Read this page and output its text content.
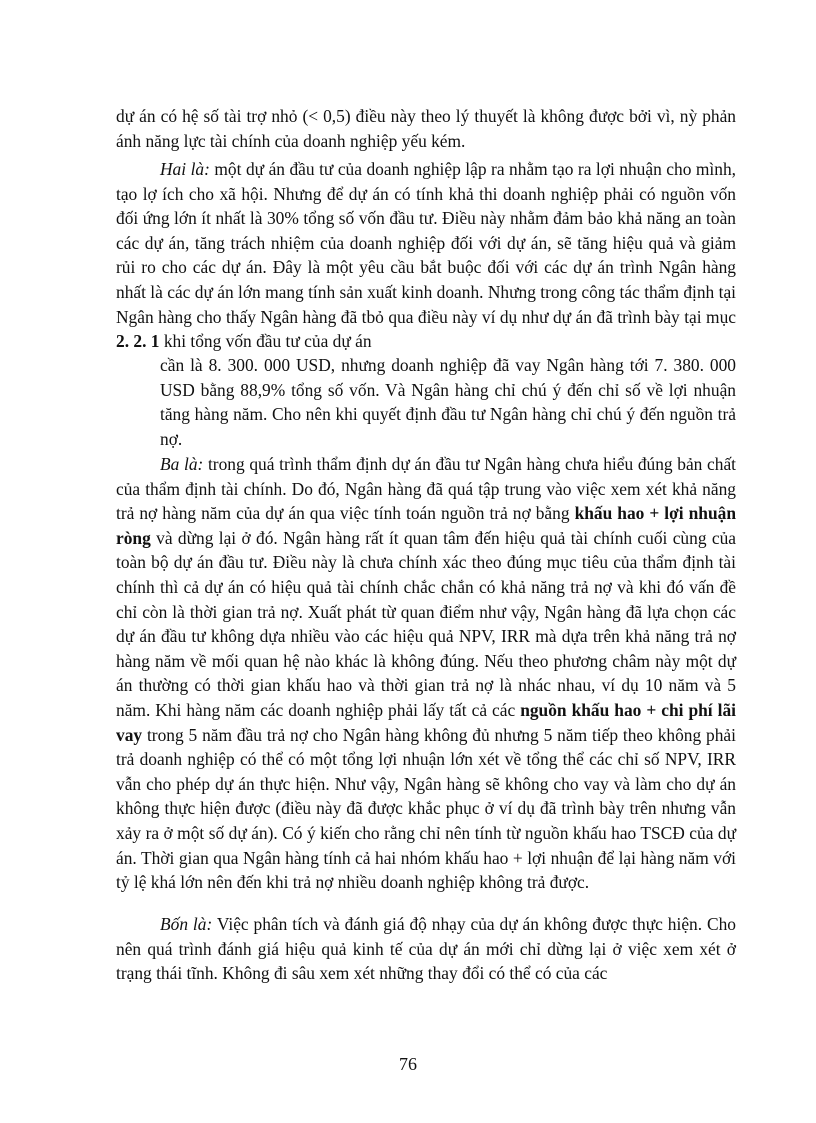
dự án có hệ số tài trợ nhỏ (< 0,5) điều này theo lý thuyết là không được bởi vì, nỳ phản ánh năng lực tài chính của doanh nghiệp yếu kém.

Hai là: một dự án đầu tư của doanh nghiệp lập ra nhằm tạo ra lợi nhuận cho mình, tạo lợ ích cho xã hội. Nhưng để dự án có tính khả thi doanh nghiệp phải có nguồn vốn đối ứng lớn ít nhất là 30% tổng số vốn đầu tư. Điều này nhằm đảm bảo khả năng an toàn các dự án, tăng trách nhiệm của doanh nghiệp đối với dự án, sẽ tăng hiệu quả và giảm rủi ro cho các dự án. Đây là một yêu cầu bắt buộc đối với các dự án trình Ngân hàng nhất là các dự án lớn mang tính sản xuất kinh doanh. Nhưng trong công tác thẩm định tại Ngân hàng cho thấy Ngân hàng đã tbỏ qua điều này ví dụ như dự án đã trình bày tại mục 2. 2. 1 khi tổng vốn đầu tư của dự án

cần là 8. 300. 000 USD, nhưng doanh nghiệp đã vay Ngân hàng tới 7. 380. 000 USD bằng 88,9% tổng số vốn. Và Ngân hàng chỉ chú ý đến chỉ số về lợi nhuận tăng hàng năm. Cho nên khi quyết định đầu tư Ngân hàng chỉ chú ý đến nguồn trả nợ.

Ba là: trong quá trình thẩm định dự án đầu tư Ngân hàng chưa hiểu đúng bản chất của thẩm định tài chính. Do đó, Ngân hàng đã quá tập trung vào việc xem xét khả năng trả nợ hàng năm của dự án qua việc tính toán nguồn trả nợ bằng khấu hao + lợi nhuận ròng và dừng lại ở đó. Ngân hàng rất ít quan tâm đến hiệu quả tài chính cuối cùng của toàn bộ dự án đầu tư. Điều này là chưa chính xác theo đúng mục tiêu của thẩm định tài chính thì cả dự án có hiệu quả tài chính chắc chắn có khả năng trả nợ và khi đó vấn đề chỉ còn là thời gian trả nợ. Xuất phát từ quan điểm như vậy, Ngân hàng đã lựa chọn các dự án đầu tư không dựa nhiều vào các hiệu quả NPV, IRR mà dựa trên khả năng trả nợ hàng năm về mối quan hệ nào khác là không đúng. Nếu theo phương châm này một dự án thường có thời gian khấu hao và thời gian trả nợ là nhác nhau, ví dụ 10 năm và 5 năm. Khi hàng năm các doanh nghiệp phải lấy tất cả các nguồn khấu hao + chi phí lãi vay trong 5 năm đầu trả nợ cho Ngân hàng không đủ nhưng 5 năm tiếp theo không phải trả doanh nghiệp có thể có một tổng lợi nhuận lớn xét về tổng thể các chỉ số NPV, IRR vẫn cho phép dự án thực hiện. Như vậy, Ngân hàng sẽ không cho vay và làm cho dự án không thực hiện được (điều này đã được khắc phục ở ví dụ đã trình bày trên nhưng vẫn xảy ra ở một số dự án). Có ý kiến cho rằng chỉ nên tính từ nguồn khấu hao TSCĐ của dự án. Thời gian qua Ngân hàng tính cả hai nhóm khấu hao + lợi nhuận để lại hàng năm với tỷ lệ khá lớn nên đến khi trả nợ nhiều doanh nghiệp không trả được.

Bốn là: Việc phân tích và đánh giá độ nhạy của dự án không được thực hiện. Cho nên quá trình đánh giá hiệu quả kinh tế của dự án mới chỉ dừng lại ở việc xem xét ở trạng thái tĩnh. Không đi sâu xem xét những thay đổi có thể có của các

76
